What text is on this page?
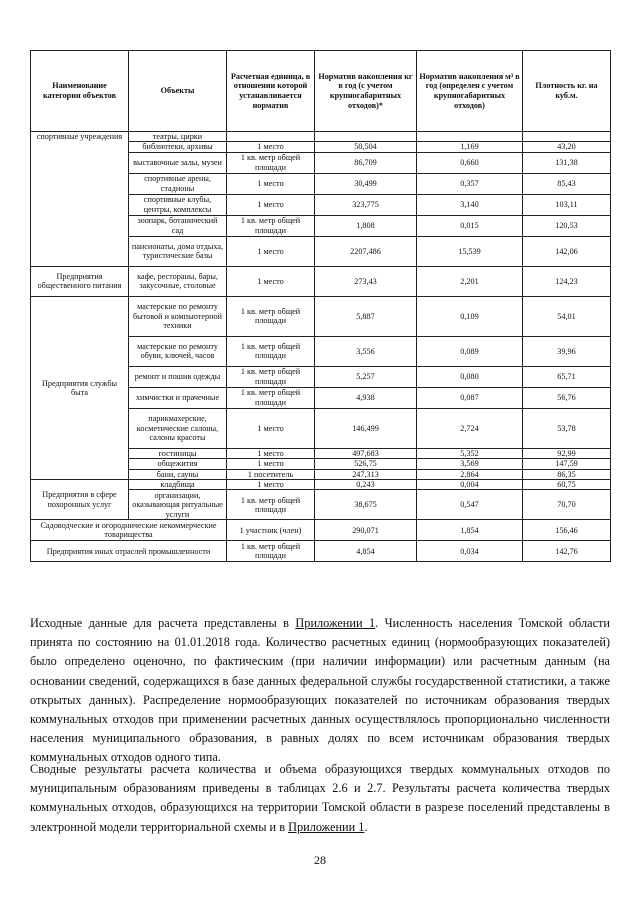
Наименование категории объектов	Объекты	Расчетная единица, в отношении которой устанавливается норматив	Норматив накопления кг в год (с учетом крупногабаритных отходов)*	Норматив накопления м³ в год (определен с учетом крупногабаритных отходов)	Плотность кг. на куб.м.
спортивные учреждения	театры, цирки				
	библиотеки, архивы	1 место	50,504	1,169	43,20
	выставочные залы, музеи	1 кв. метр общей площади	86,709	0,660	131,38
	спортивные арены, стадионы	1 место	30,499	0,357	85,43
	спортивные клубы, центры, комплексы	1 место	323,775	3,140	103,11
	зоопарк, ботанический сад	1 кв. метр общей площади	1,808	0,015	120,53
	пансионаты, дома отдыха, туристические базы	1 место	2207,486	15,539	142,06
Предприятия общественного питания	кафе, рестораны, бары, закусочные, столовые	1 место	273,43	2,201	124,23
Предприятия службы быта	мастерские по ремонту бытовой и компьютерной техники	1 кв. метр общей площади	5,887	0,109	54,01
	мастерские по ремонту обуви, ключей, часов	1 кв. метр общей площади	3,556	0,089	39,96
	ремонт и пошив одежды	1 кв. метр общей площади	5,257	0,080	65,71
	химчистки и прачечные	1 кв. метр общей площади	4,938	0,087	56,76
	парикмахерские, косметические салоны, салоны красоты	1 место	146,499	2,724	53,78
	гостиницы	1 место	497,683	5,352	92,99
	общежития	1 место	526,75	3,569	147,59
	бани, сауны	1 посетитель	247,313	2,864	86,35
Предприятия в сфере похоронных услуг	кладбища	1 место	0,243	0,004	60,75
	организации, оказывающая ритуальные услуги	1 кв. метр общей площади	38,675	0,547	70,70
Садоводческие и огороднические некоммерческие товарищества		1 участник (член)	290,071	1,854	156,46
Предприятия иных отраслей промышленности		1 кв. метр общей площади	4,854	0,034	142,76

Исходные данные для расчета представлены в Приложении 1. Численность населения Томской области принята по состоянию на 01.01.2018 года. Количество расчетных единиц (нормообразующих показателей) было определено оценочно, по фактическим (при наличии информации) или расчетным данным (на основании сведений, содержащихся в базе данных федеральной службы государственной статистики, а также открытых данных). Распределение нормообразующих показателей по источникам образования твердых коммунальных отходов при применении расчетных данных осуществлялось пропорционально численности населения муниципального образования, в равных долях по всем источникам образования твердых коммунальных отходов одного типа.

Сводные результаты расчета количества и объема образующихся твердых коммунальных отходов по муниципальным образованиям приведены в таблицах 2.6 и 2.7. Результаты расчета количества твердых коммунальных отходов, образующихся на территории Томской области в разрезе поселений представлены в электронной модели территориальной схемы и в Приложении 1.

28
